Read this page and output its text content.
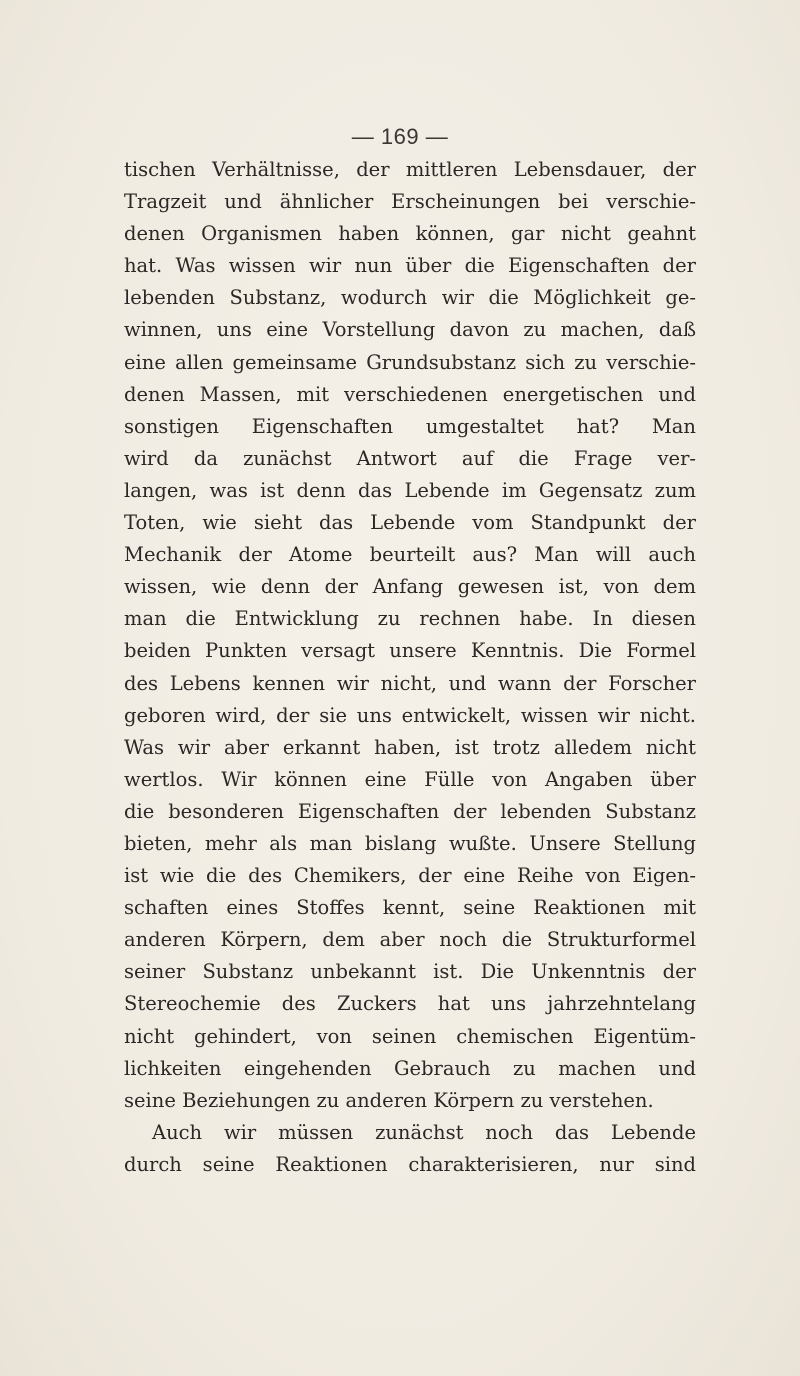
— 169 —
tischen Verhältnisse, der mittleren Lebensdauer, der
Tragzeit und ähnlicher Erscheinungen bei verschie-
denen Organismen haben können, gar nicht geahnt
hat. Was wissen wir nun über die Eigenschaften der
lebenden Substanz, wodurch wir die Möglichkeit ge-
winnen, uns eine Vorstellung davon zu machen, daß
eine allen gemeinsame Grundsubstanz sich zu verschie-
denen Massen, mit verschiedenen energetischen und
sonstigen Eigenschaften umgestaltet hat? Man
wird da zunächst Antwort auf die Frage ver-
langen, was ist denn das Lebende im Gegensatz zum
Toten, wie sieht das Lebende vom Standpunkt der
Mechanik der Atome beurteilt aus? Man will auch
wissen, wie denn der Anfang gewesen ist, von dem
man die Entwicklung zu rechnen habe. In diesen
beiden Punkten versagt unsere Kenntnis. Die Formel
des Lebens kennen wir nicht, und wann der Forscher
geboren wird, der sie uns entwickelt, wissen wir nicht.
Was wir aber erkannt haben, ist trotz alledem nicht
wertlos. Wir können eine Fülle von Angaben über
die besonderen Eigenschaften der lebenden Substanz
bieten, mehr als man bislang wußte. Unsere Stellung
ist wie die des Chemikers, der eine Reihe von Eigen-
schaften eines Stoffes kennt, seine Reaktionen mit
anderen Körpern, dem aber noch die Strukturformel
seiner Substanz unbekannt ist. Die Unkenntnis der
Stereochemie des Zuckers hat uns jahrzehntelang
nicht gehindert, von seinen chemischen Eigentüm-
lichkeiten eingehenden Gebrauch zu machen und
seine Beziehungen zu anderen Körpern zu verstehen.
Auch wir müssen zunächst noch das Lebende
durch seine Reaktionen charakterisieren, nur sind
